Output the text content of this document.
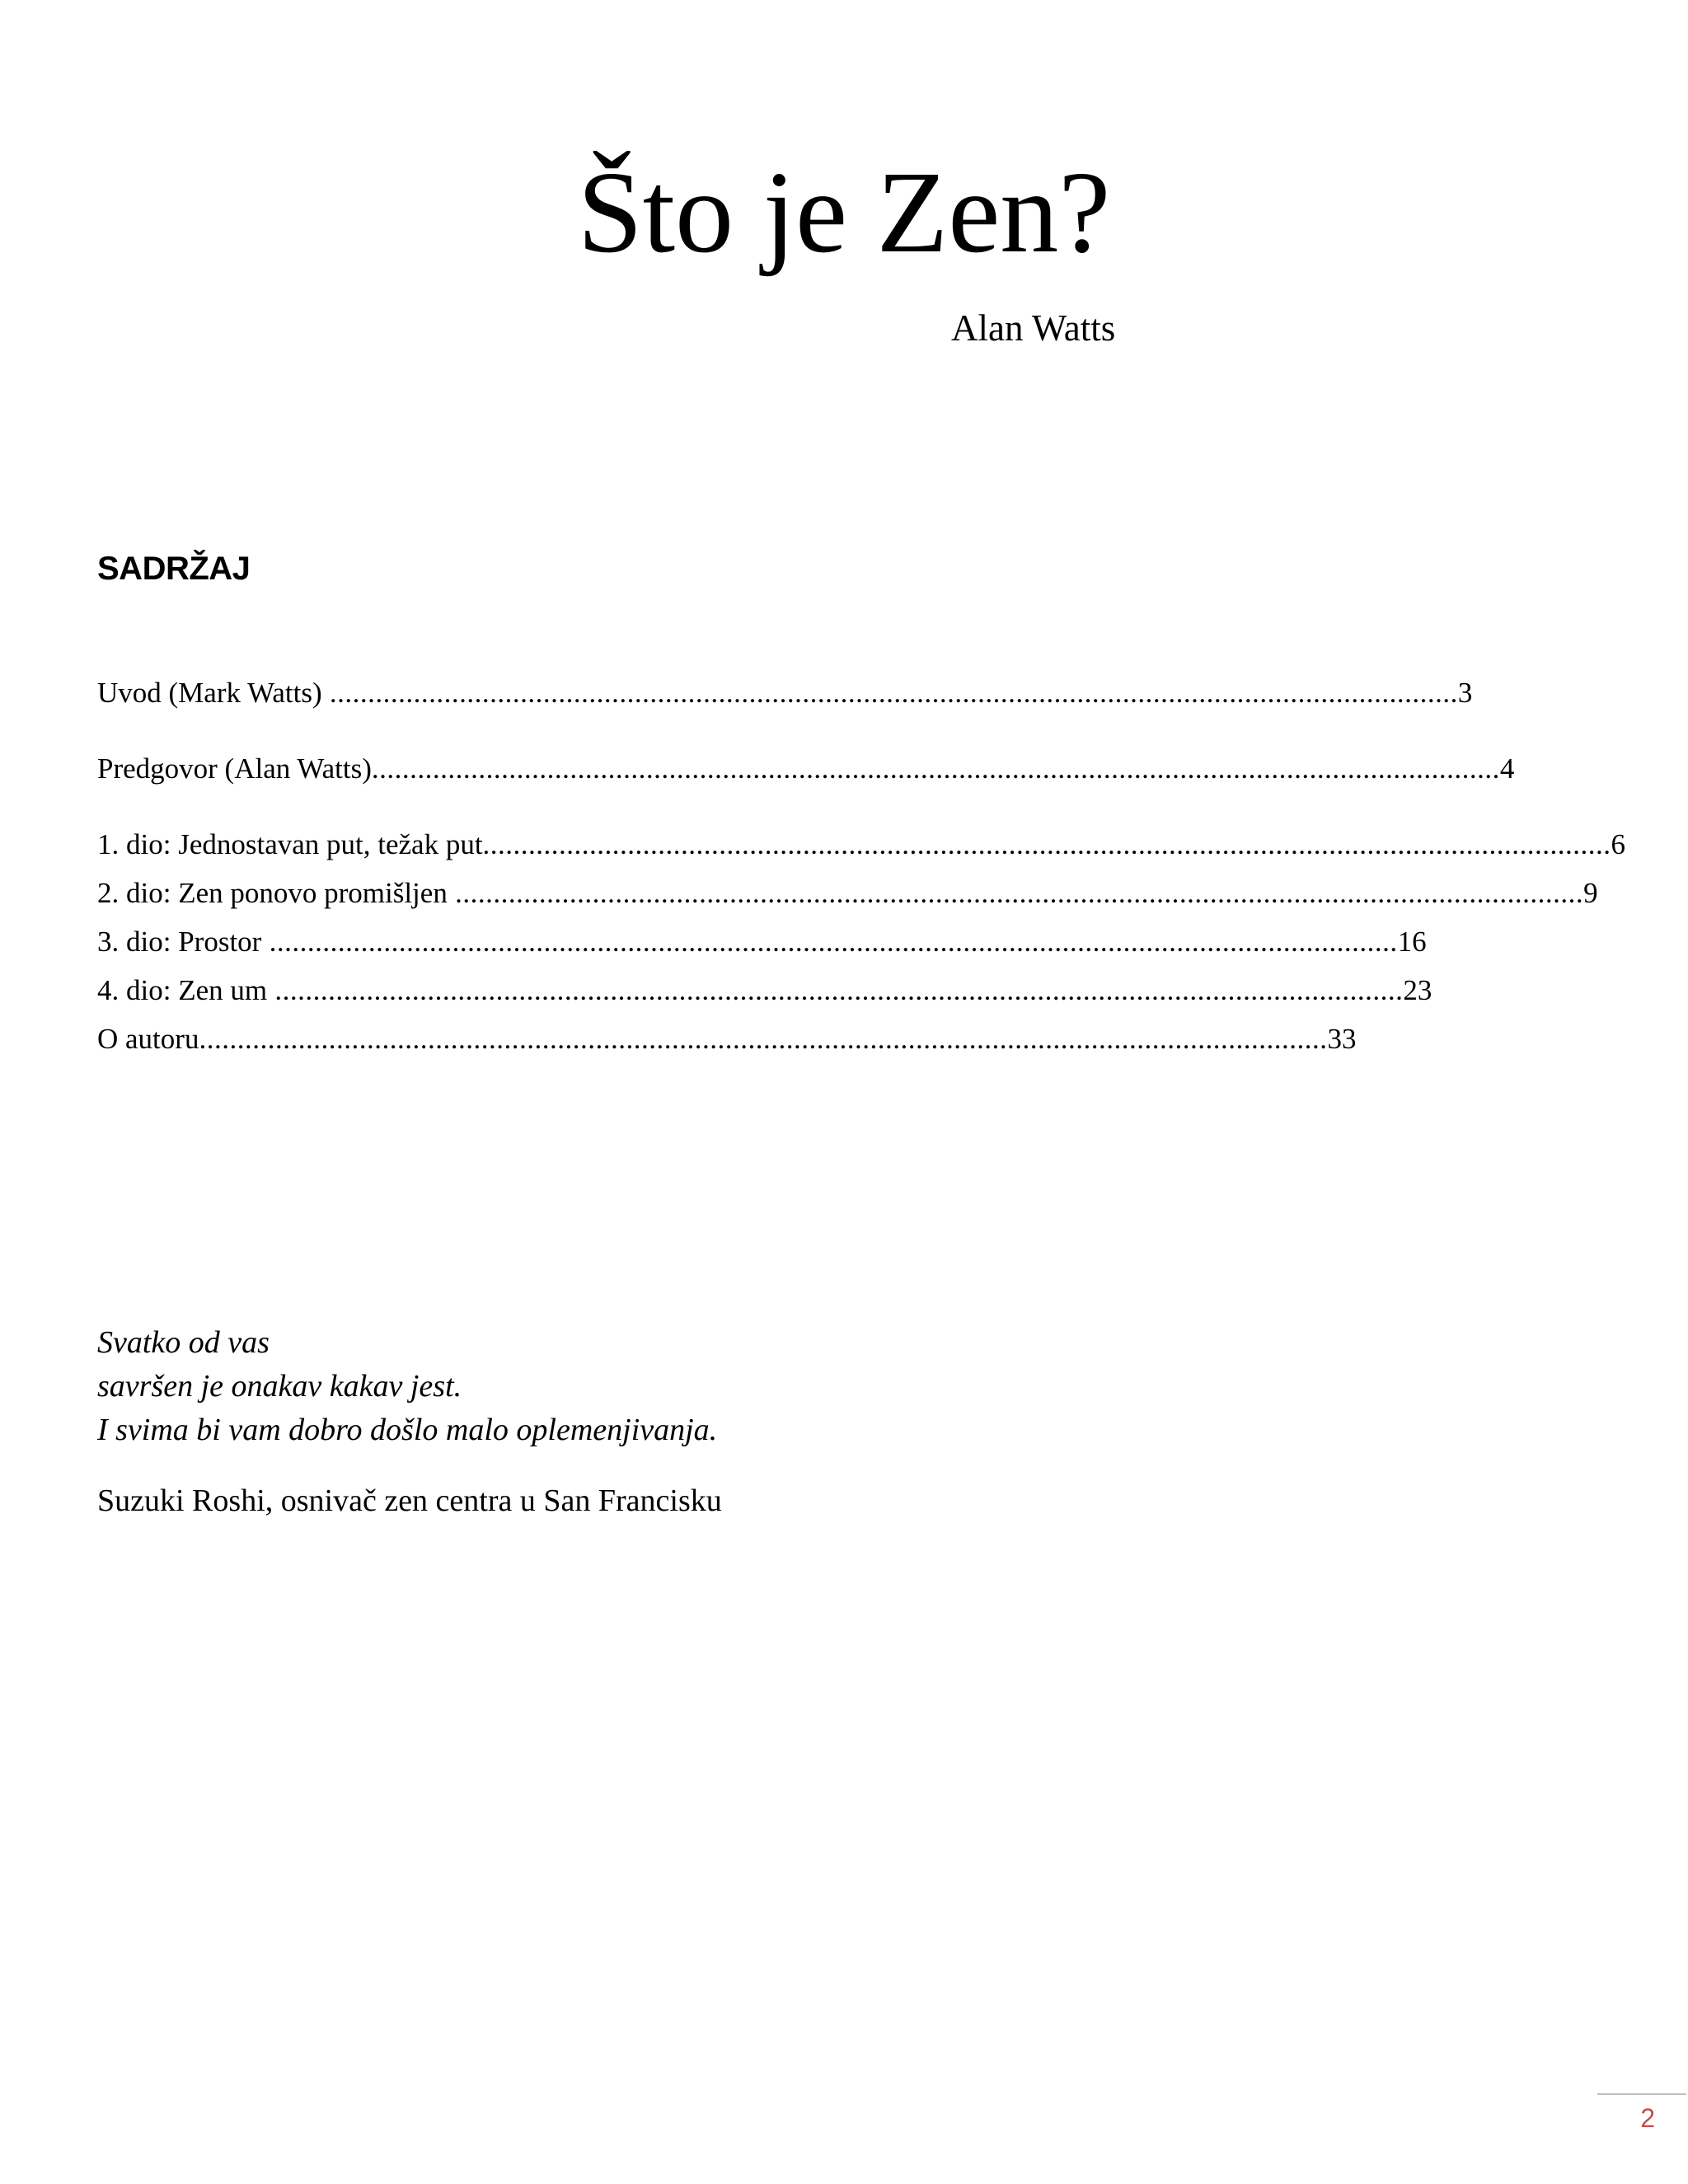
Što je Zen?
Alan Watts
SADRŽAJ
Uvod (Mark Watts) .................................................................................................................................................... 3
Predgovor (Alan Watts) .................................................................................................................................................... 4
1. dio: Jednostavan put, težak put .................................................................................................................................................... 6
2. dio: Zen ponovo promišljen .................................................................................................................................................... 9
3. dio: Prostor .................................................................................................................................................... 16
4. dio: Zen um .................................................................................................................................................... 23
O autoru .................................................................................................................................................... 33
Svatko od vas
savršen je onakav kakav jest.
I svima bi vam dobro došlo malo oplemenjivanja.
Suzuki Roshi, osnivač zen centra u San Francisku
2
